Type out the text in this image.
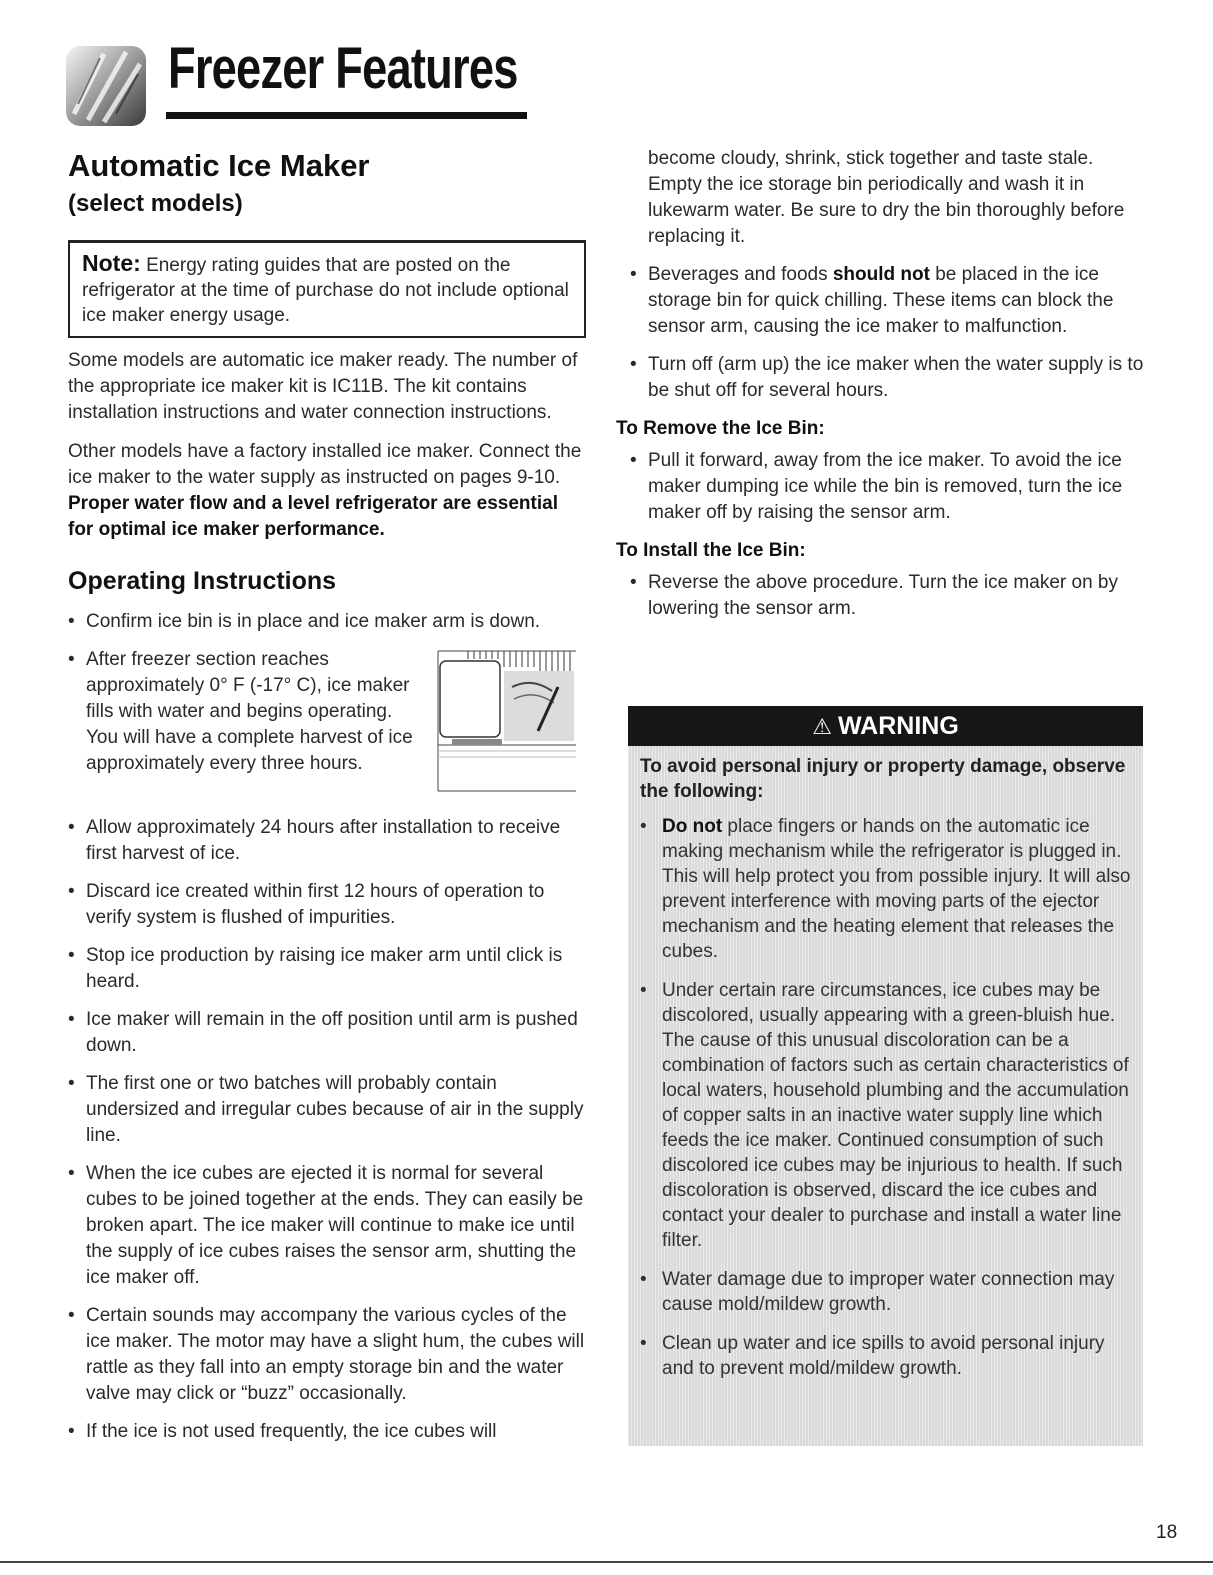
Freezer Features
Automatic Ice Maker
(select models)
Note: Energy rating guides that are posted on the refrigerator at the time of purchase do not include optional ice maker energy usage.

Some models are automatic ice maker ready. The number of the appropriate ice maker kit is IC11B. The kit contains installation instructions and water connection instructions.

Other models have a factory installed ice maker. Connect the ice maker to the water supply as instructed on pages 9-10. Proper water flow and a level refrigerator are essential for optimal ice maker performance.

Operating Instructions
• Confirm ice bin is in place and ice maker arm is down.
• After freezer section reaches approximately 0° F (-17° C), ice maker fills with water and begins operating. You will have a complete harvest of ice approximately every three hours.
• Allow approximately 24 hours after installation to receive first harvest of ice.
• Discard ice created within first 12 hours of operation to verify system is flushed of impurities.
• Stop ice production by raising ice maker arm until click is heard.
• Ice maker will remain in the off position until arm is pushed down.
• The first one or two batches will probably contain undersized and irregular cubes because of air in the supply line.
• When the ice cubes are ejected it is normal for several cubes to be joined together at the ends. They can easily be broken apart. The ice maker will continue to make ice until the supply of ice cubes raises the sensor arm, shutting the ice maker off.
• Certain sounds may accompany the various cycles of the ice maker. The motor may have a slight hum, the cubes will rattle as they fall into an empty storage bin and the water valve may click or “buzz” occasionally.
• If the ice is not used frequently, the ice cubes will

become cloudy, shrink, stick together and taste stale. Empty the ice storage bin periodically and wash it in lukewarm water. Be sure to dry the bin thoroughly before replacing it.

• Beverages and foods should not be placed in the ice storage bin for quick chilling. These items can block the sensor arm, causing the ice maker to malfunction.
• Turn off (arm up) the ice maker when the water supply is to be shut off for several hours.
To Remove the Ice Bin:
• Pull it forward, away from the ice maker. To avoid the ice maker dumping ice while the bin is removed, turn the ice maker off by raising the sensor arm.
To Install the Ice Bin:
• Reverse the above procedure. Turn the ice maker on by lowering the sensor arm.
⚠ WARNING

To avoid personal injury or property damage, observe the following:

• Do not place fingers or hands on the automatic ice making mechanism while the refrigerator is plugged in. This will help protect you from possible injury. It will also prevent interference with moving parts of the ejector mechanism and the heating element that releases the cubes.
• Under certain rare circumstances, ice cubes may be discolored, usually appearing with a green-bluish hue. The cause of this unusual discoloration can be a combination of factors such as certain characteristics of local waters, household plumbing and the accumulation of copper salts in an inactive water supply line which feeds the ice maker. Continued consumption of such discolored ice cubes may be injurious to health. If such discoloration is observed, discard the ice cubes and contact your dealer to purchase and install a water line filter.
• Water damage due to improper water connection may cause mold/mildew growth.
• Clean up water and ice spills to avoid personal injury and to prevent mold/mildew growth.
18
